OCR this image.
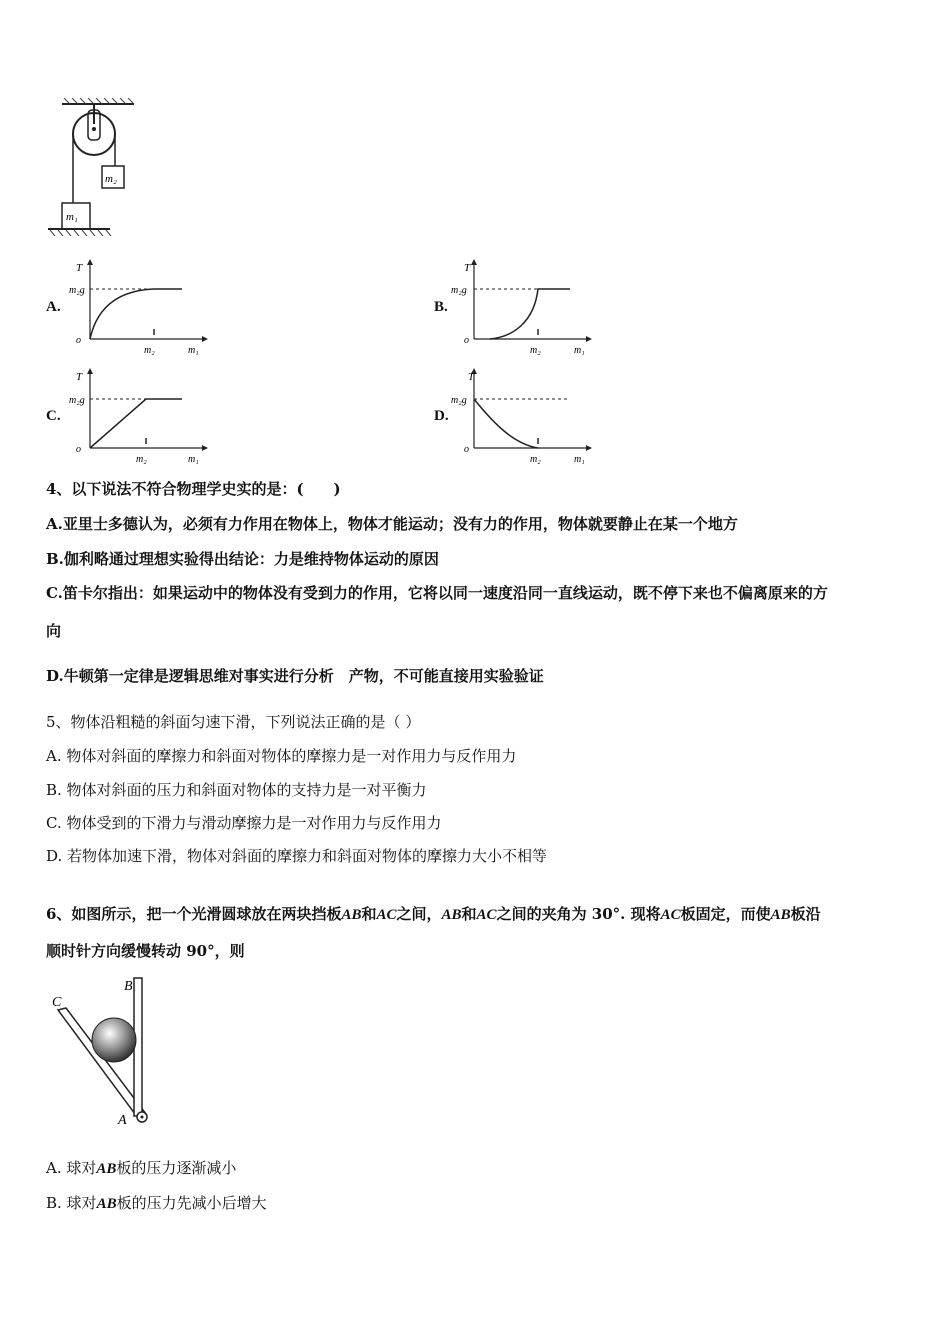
m₂
m₁
A.
T
m₂g
o
m₂	m₁
B.
T
m₂g
o
m₂	m₁
C.
T
m₂g
o
m₂	m₁
D.
T
m₂g
o
m₂	m₁
4、以下说法不符合物理学史实的是：(　　)
A.亚里士多德认为，必须有力作用在物体上，物体才能运动；没有力的作用，物体就要静止在某一个地方
B.伽利略通过理想实验得出结论：力是维持物体运动的原因
C.笛卡尔指出：如果运动中的物体没有受到力的作用，它将以同一速度沿同一直线运动，既不停下来也不偏离原来的方
向
D.牛顿第一定律是逻辑思维对事实进行分析　产物，不可能直接用实验验证
5、物体沿粗糙的斜面匀速下滑，下列说法正确的是（ ）
A. 物体对斜面的摩擦力和斜面对物体的摩擦力是一对作用力与反作用力
B. 物体对斜面的压力和斜面对物体的支持力是一对平衡力
C. 物体受到的下滑力与滑动摩擦力是一对作用力与反作用力
D. 若物体加速下滑，物体对斜面的摩擦力和斜面对物体的摩擦力大小不相等
6、如图所示，把一个光滑圆球放在两块挡板AB和AC之间，AB和AC之间的夹角为 30°. 现将AC板固定，而使AB板沿
顺时针方向缓慢转动 90°，则
C
B
A
A. 球对AB板的压力逐渐减小
B. 球对AB板的压力先减小后增大
